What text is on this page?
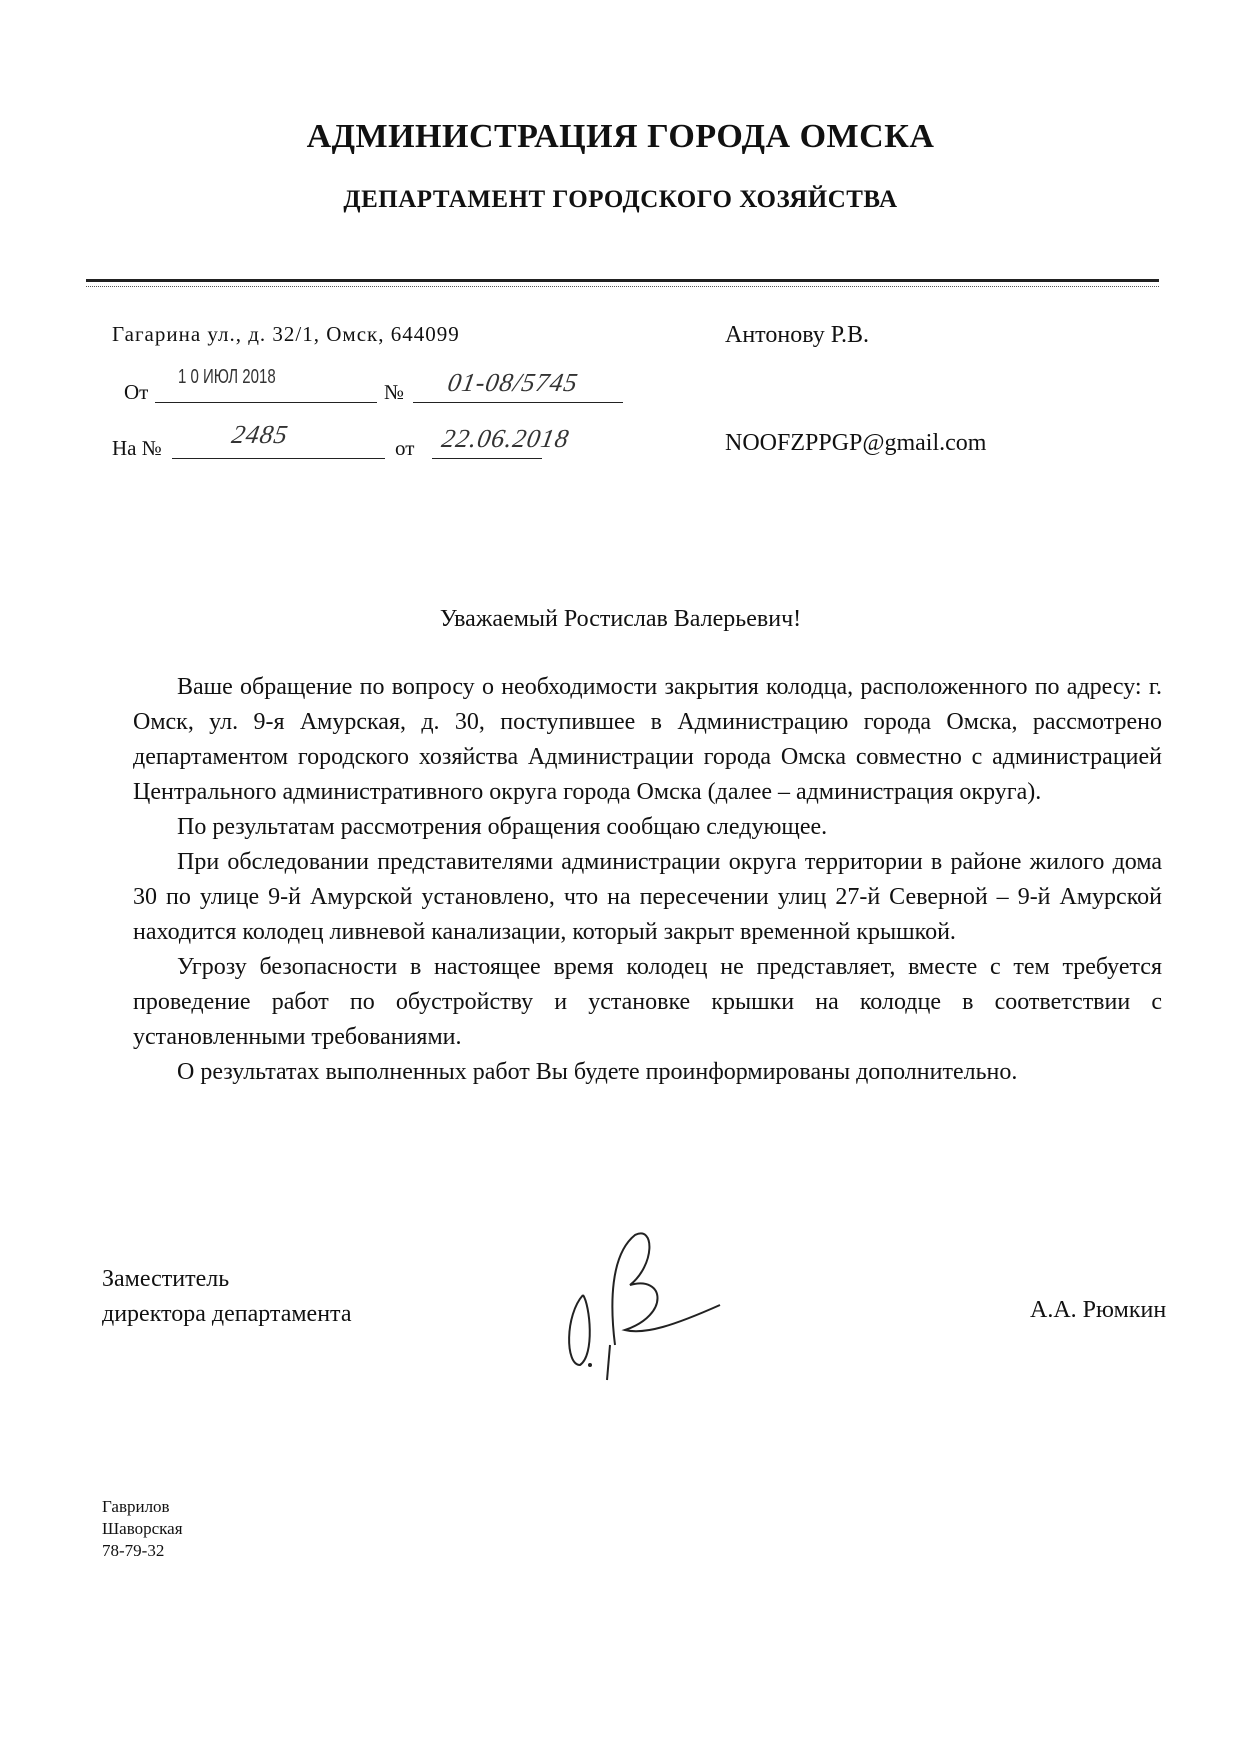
АДМИНИСТРАЦИЯ ГОРОДА ОМСКА
ДЕПАРТАМЕНТ ГОРОДСКОГО ХОЗЯЙСТВА
Гагарина ул., д. 32/1, Омск, 644099
От
1 0 ИЮЛ 2018
№ 01-08/5745
На №	2485	от 22.06.2018
Антонову Р.В.
NOOFZPPGP@gmail.com
Уважаемый Ростислав Валерьевич!

Ваше обращение по вопросу о необходимости закрытия колодца, расположенного по адресу: г. Омск, ул. 9-я Амурская, д. 30, поступившее в Администрацию города Омска, рассмотрено департаментом городского хозяйства Администрации города Омска совместно с администрацией Центрального административного округа города Омска (далее – администрация округа).

По результатам рассмотрения обращения сообщаю следующее.

При обследовании представителями администрации округа территории в районе жилого дома 30 по улице 9-й Амурской установлено, что на пересечении улиц 27-й Северной – 9-й Амурской находится колодец ливневой канализации, который закрыт временной крышкой.

Угрозу безопасности в настоящее время колодец не представляет, вместе с тем требуется проведение работ по обустройству и установке крышки на колодце в соответствии с установленными требованиями.

О результатах выполненных работ Вы будете проинформированы дополнительно.

Заместитель
директора департамента	А.А. Рюмкин
Гаврилов
Шаворская
78-79-32
